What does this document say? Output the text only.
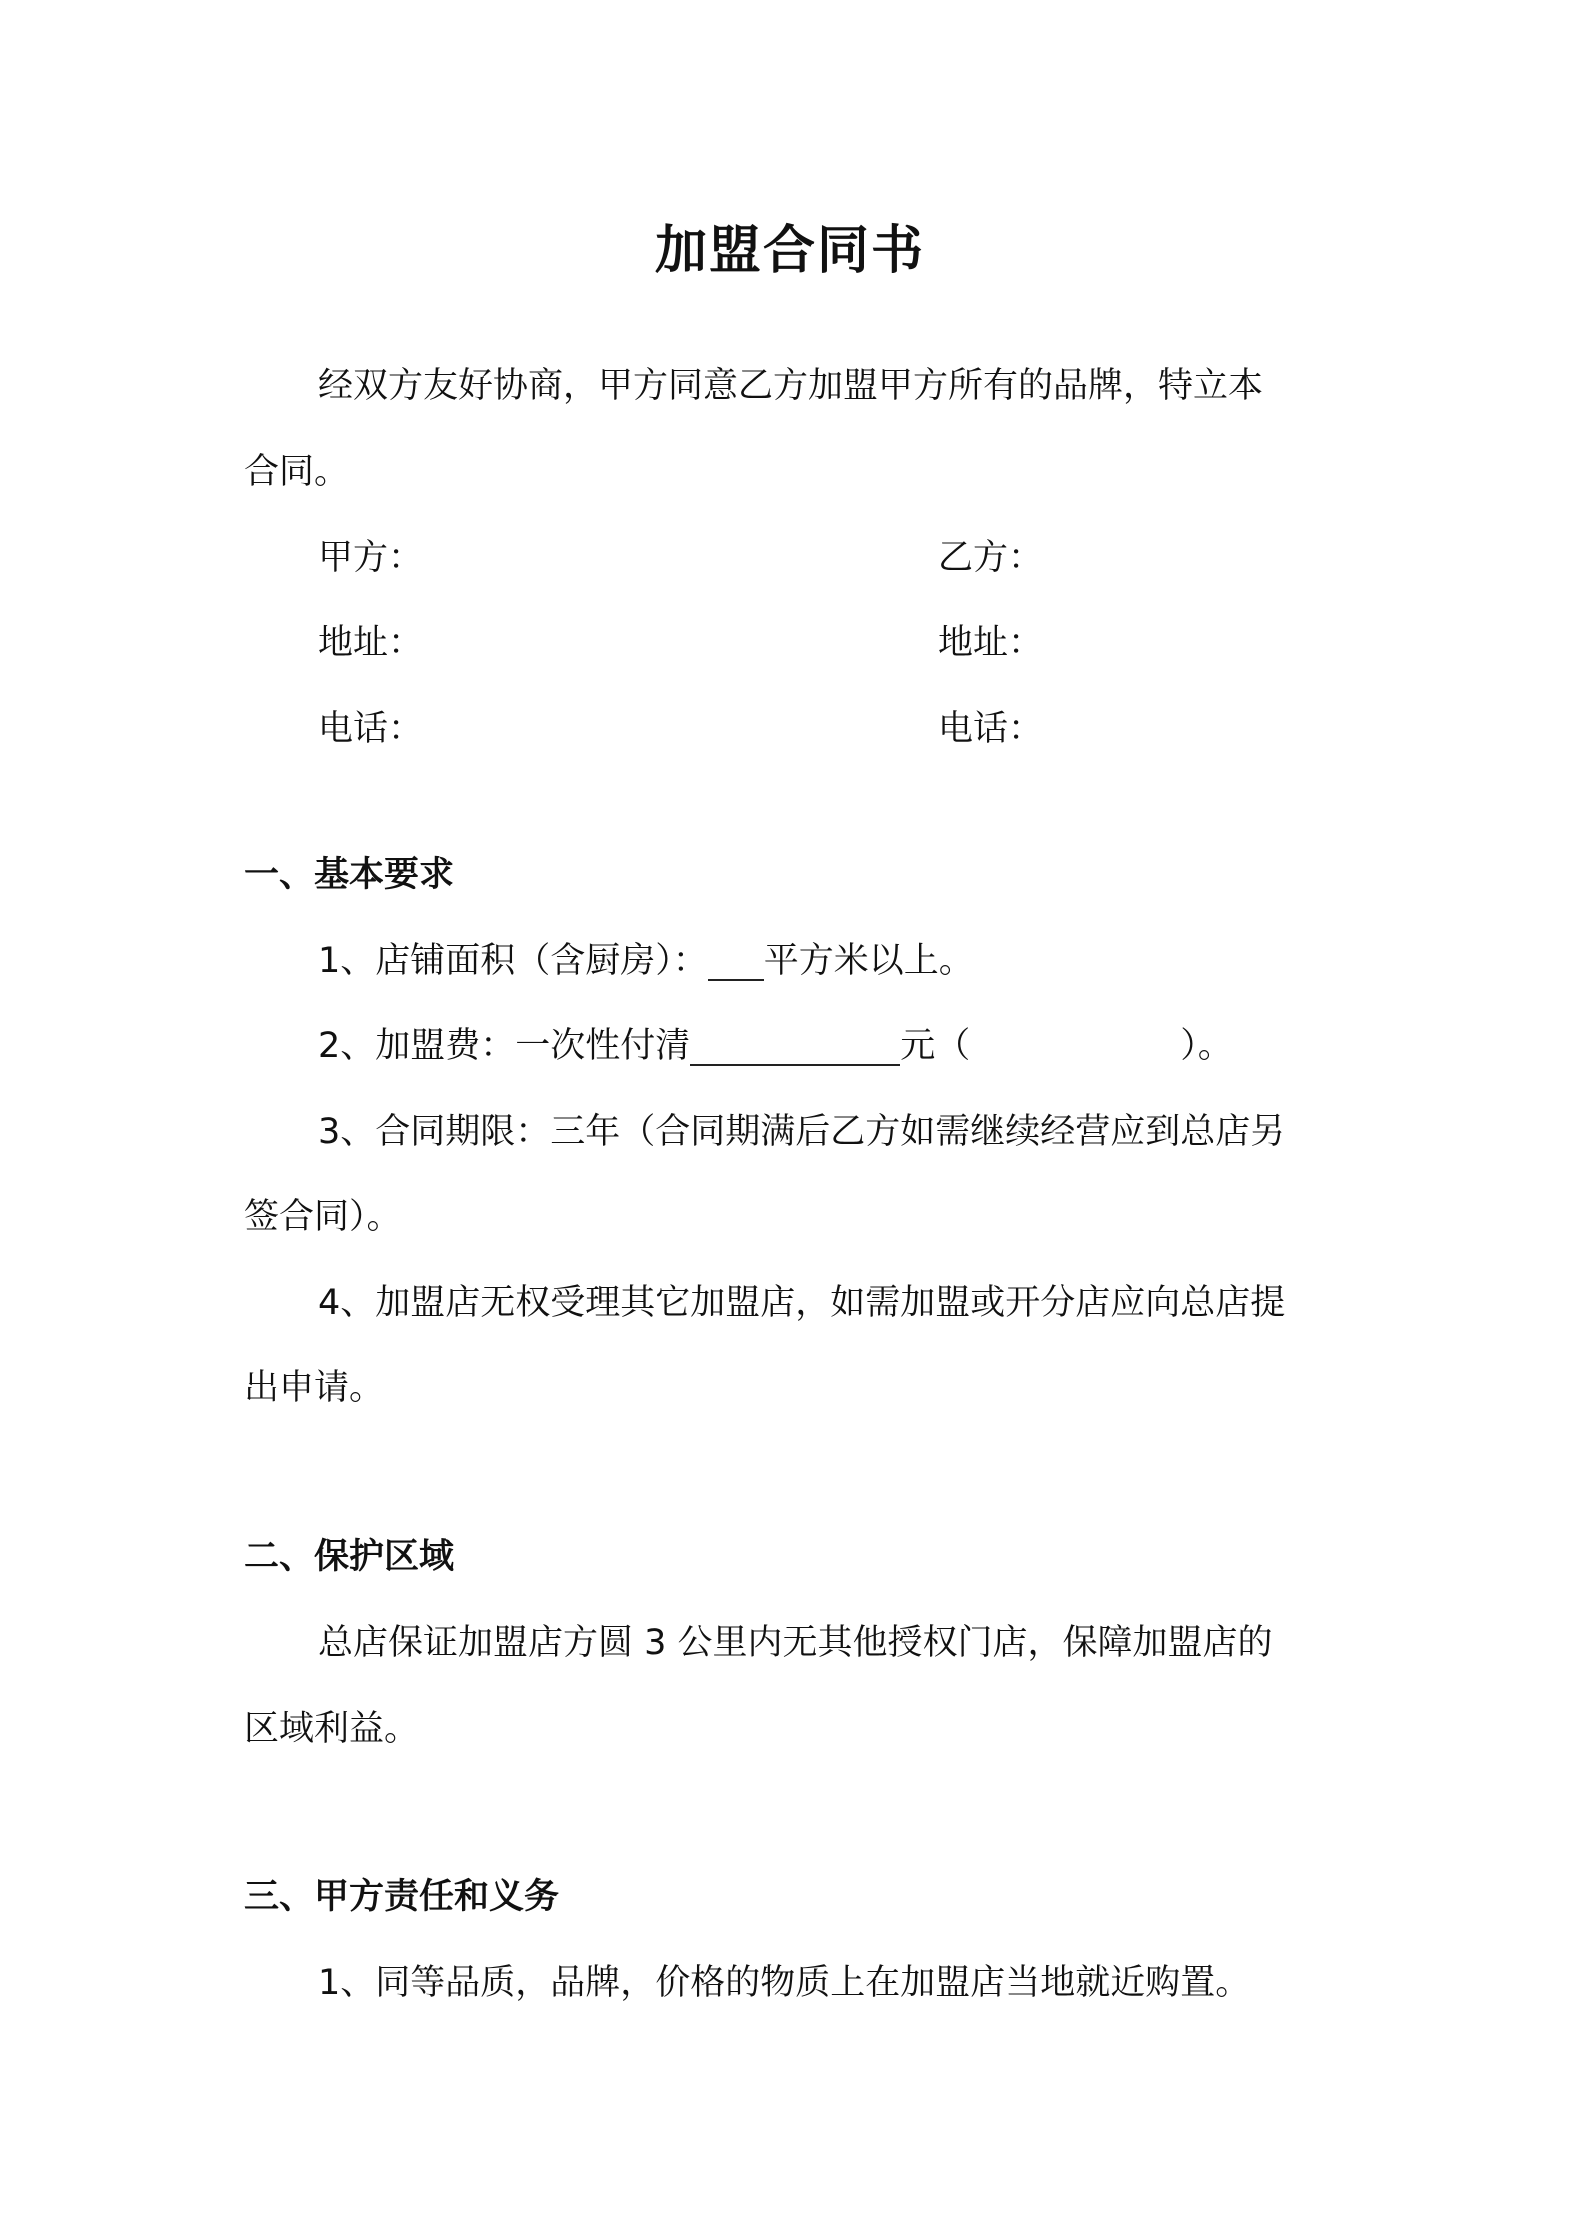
加盟合同书
经双方友好协商，甲方同意乙方加盟甲方所有的品牌，特立本
合同。
甲方：	乙方：
地址：	地址：
电话：	电话：
一、基本要求
1、店铺面积（含厨房）： 平方米以上。
2、加盟费：一次性付清	元（	）。
3、合同期限：三年（合同期满后乙方如需继续经营应到总店另
签合同）。
4、加盟店无权受理其它加盟店，如需加盟或开分店应向总店提
出申请。
二、保护区域
总店保证加盟店方圆 3 公里内无其他授权门店，保障加盟店的
区域利益。
三、甲方责任和义务
1、同等品质，品牌，价格的物质上在加盟店当地就近购置。
